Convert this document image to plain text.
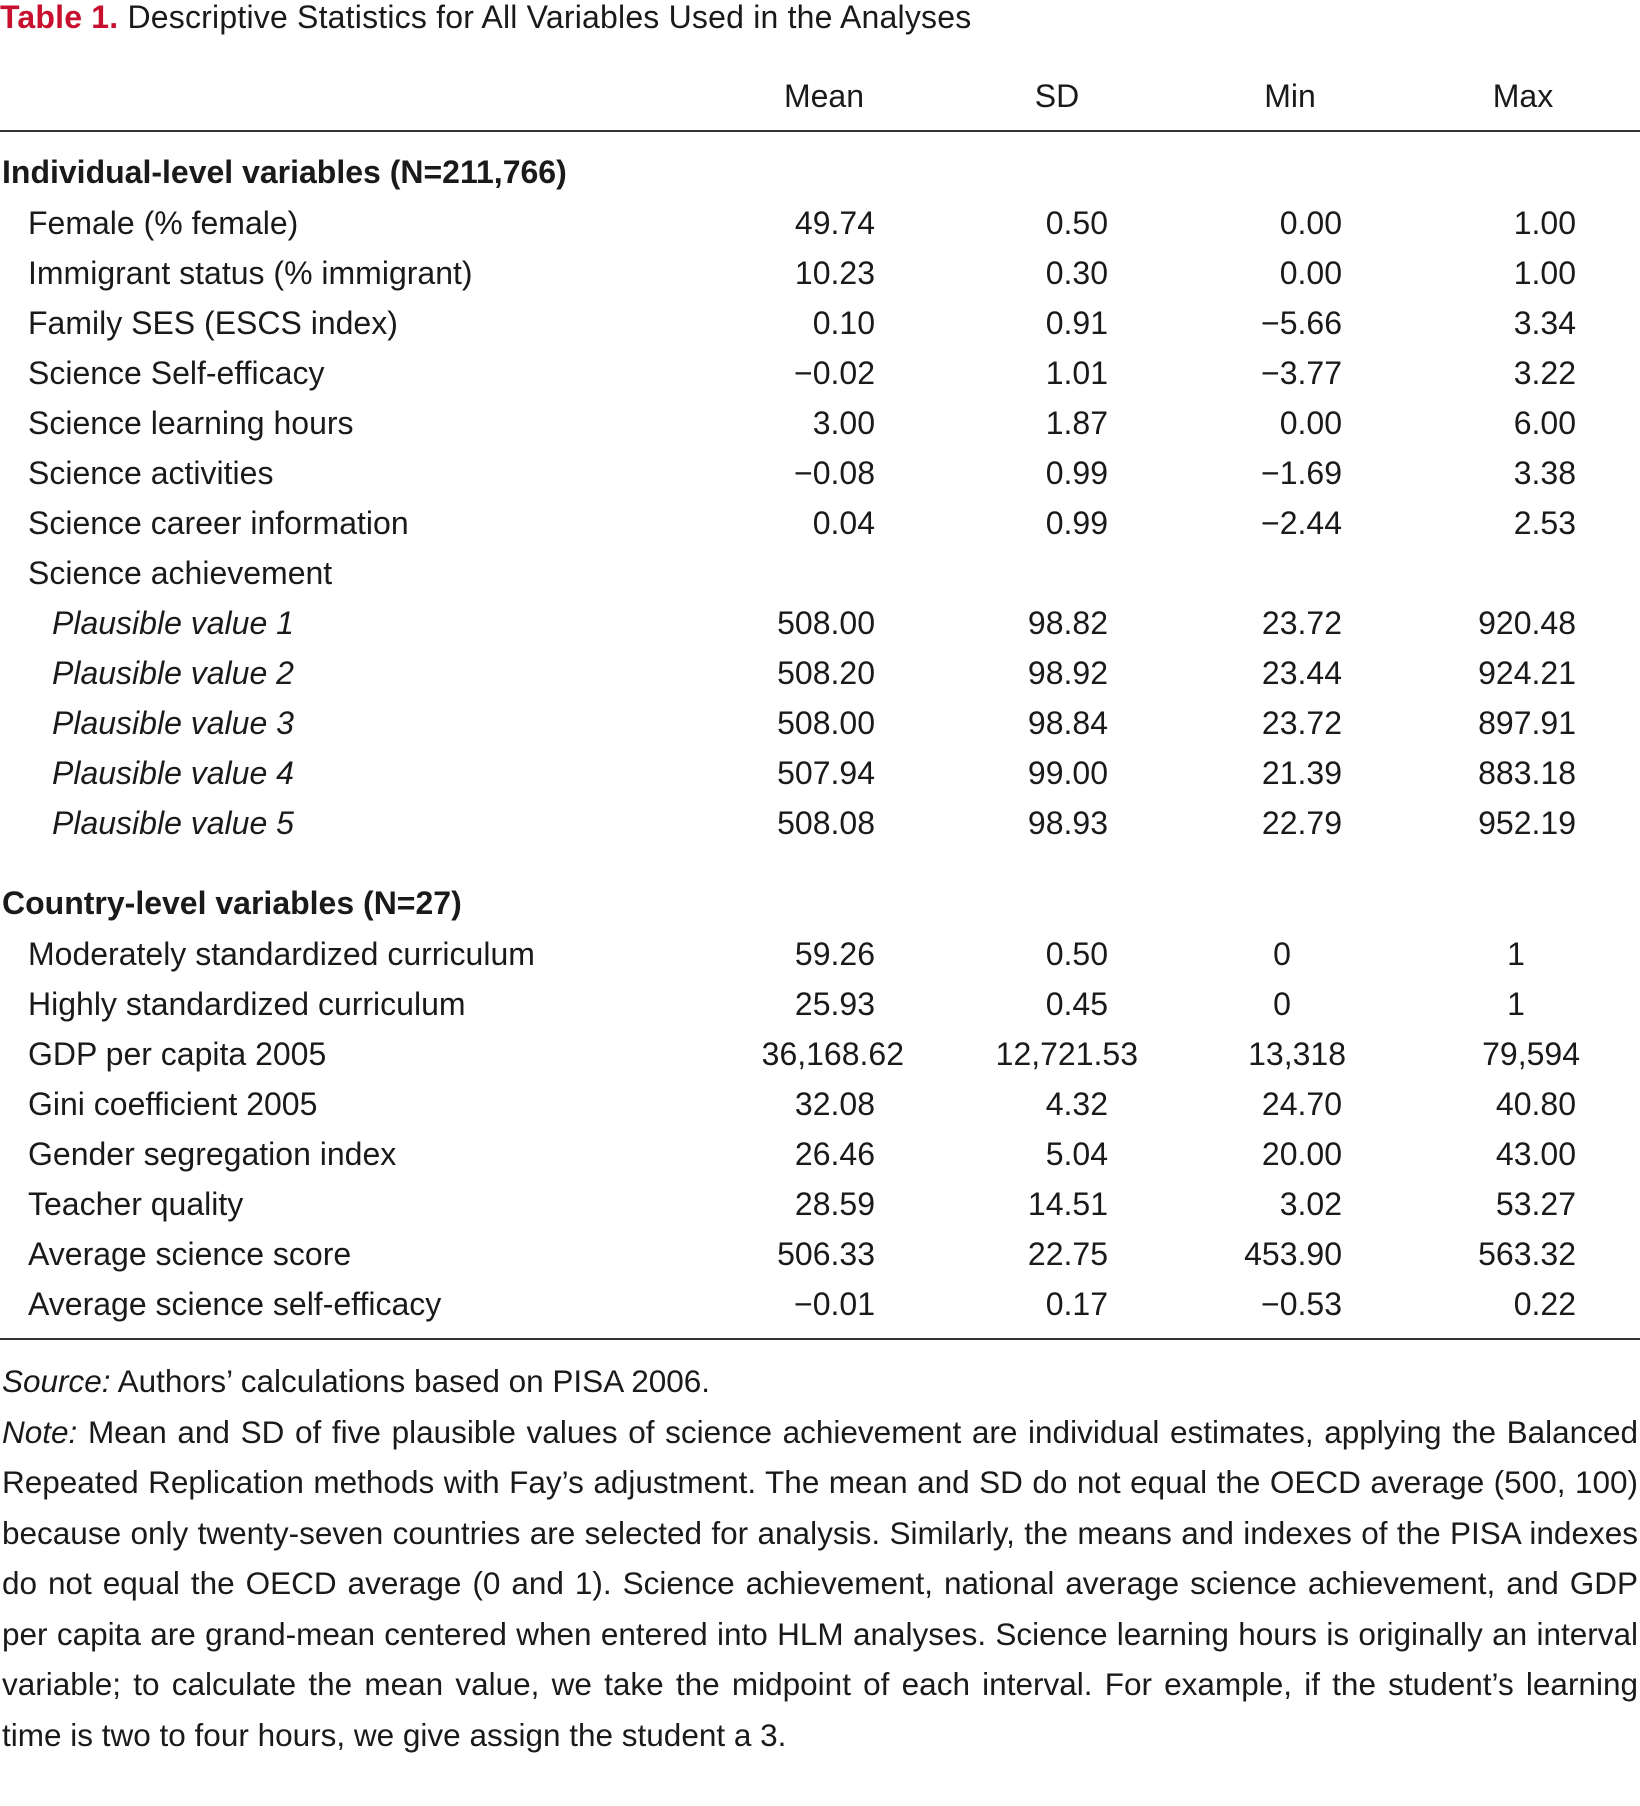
Table 1. Descriptive Statistics for All Variables Used in the Analyses
Mean	SD	Min	Max
Individual-level variables (N=211,766)
Female (% female)	49.74	0.50	0.00	1.00
Immigrant status (% immigrant)	10.23	0.30	0.00	1.00
Family SES (ESCS index)	0.10	0.91	−5.66	3.34
Science Self-efficacy	−0.02	1.01	−3.77	3.22
Science learning hours	3.00	1.87	0.00	6.00
Science activities	−0.08	0.99	−1.69	3.38
Science career information	0.04	0.99	−2.44	2.53
Science achievement
Plausible value 1	508.00	98.82	23.72	920.48
Plausible value 2	508.20	98.92	23.44	924.21
Plausible value 3	508.00	98.84	23.72	897.91
Plausible value 4	507.94	99.00	21.39	883.18
Plausible value 5	508.08	98.93	22.79	952.19
Country-level variables (N=27)
Moderately standardized curriculum	59.26	0.50	0	1
Highly standardized curriculum	25.93	0.45	0	1
GDP per capita 2005	36,168.62	12,721.53	13,318	79,594
Gini coefficient 2005	32.08	4.32	24.70	40.80
Gender segregation index	26.46	5.04	20.00	43.00
Teacher quality	28.59	14.51	3.02	53.27
Average science score	506.33	22.75	453.90	563.32
Average science self-efficacy	−0.01	0.17	−0.53	0.22

Source: Authors’ calculations based on PISA 2006.

Note: Mean and SD of five plausible values of science achievement are individual estimates, applying the Balanced Repeated Replication methods with Fay’s adjustment. The mean and SD do not equal the OECD average (500, 100) because only twenty-seven countries are selected for analysis. Similarly, the means and indexes of the PISA indexes do not equal the OECD average (0 and 1). Science achievement, national average science achievement, and GDP per capita are grand-mean centered when entered into HLM analyses. Science learning hours is originally an interval variable; to calculate the mean value, we take the midpoint of each interval. For example, if the student’s learning time is two to four hours, we give assign the student a 3.
